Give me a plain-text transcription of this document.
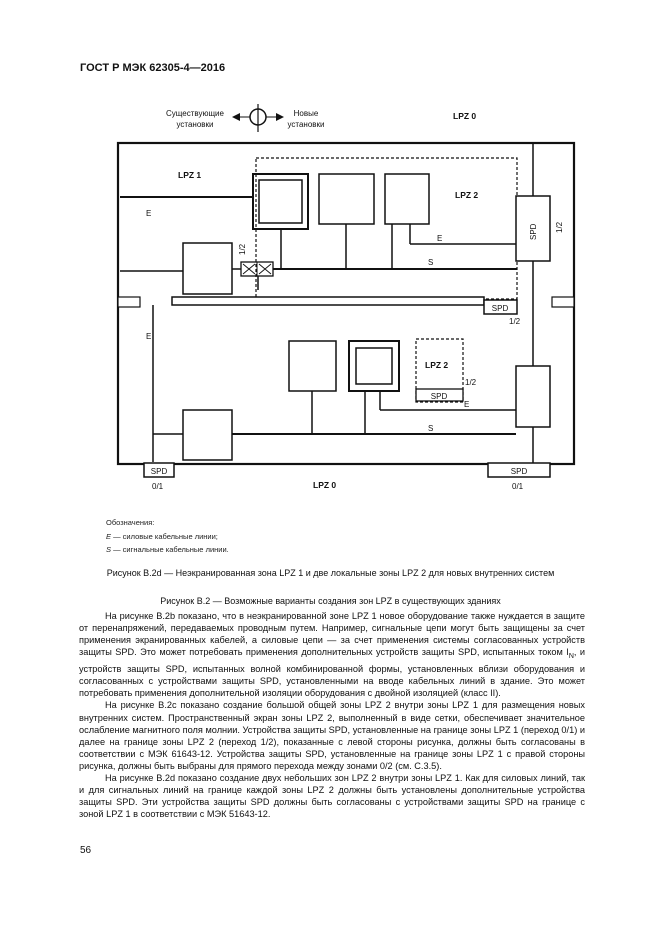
ГОСТ Р МЭК 62305-4—2016
Существующие
установки
Новые
установки
LPZ 0
LPZ 1
LPZ 2
LPZ 2
LPZ 0
E
E
E
S
E
S
1/2
1/2
SPD
1/2
1/2
SPD
SPD
SPD	SPD
0/1	0/1
Обозначения:
E — силовые кабельные линии;
S — сигнальные кабельные линии.
Рисунок B.2d — Неэкранированная зона LPZ 1 и две локальные зоны LPZ 2 для новых внутренних систем
Рисунок B.2 — Возможные варианты создания зон LPZ в существующих зданиях

На рисунке B.2b показано, что в неэкранированной зоне LPZ 1 новое оборудование также нуждается в защите от перенапряжений, передаваемых проводным путем. Например, сигнальные цепи могут быть защищены за счет применения экранированных кабелей, а силовые цепи — за счет применения системы согласованных устройств защиты SPD. Это может потребовать применения дополнительных устройств защиты SPD, испытанных током $I_N$, и устройств защиты SPD, испытанных волной комбинированной формы, установленных вблизи оборудования и согласованных с устройствами защиты SPD, установленными на вводе кабельных линий в здание. Это может потребовать применения дополнительной изоляции оборудования с двойной изоляцией (класс II).

На рисунке B.2c показано создание большой общей зоны LPZ 2 внутри зоны LPZ 1 для размещения новых внутренних систем. Пространственный экран зоны LPZ 2, выполненный в виде сетки, обеспечивает значительное ослабление магнитного поля молнии. Устройства защиты SPD, установленные на границе зоны LPZ 1 (переход 0/1) и далее на границе зоны LPZ 2 (переход 1/2), показанные с левой стороны рисунка, должны быть согласованы в соответствии с МЭК 61643-12. Устройства защиты SPD, установленные на границе зоны LPZ 1 с правой стороны рисунка, должны быть выбраны для прямого перехода между зонами 0/2 (см. С.3.5).

На рисунке B.2d показано создание двух небольших зон LPZ 2 внутри зоны LPZ 1. Как для силовых линий, так и для сигнальных линий на границе каждой зоны LPZ 2 должны быть установлены дополнительные устройства защиты SPD. Эти устройства защиты SPD должны быть согласованы с устройствами защиты SPD на границе с зоной LPZ 1 в соответствии с МЭК 51643-12.

56
